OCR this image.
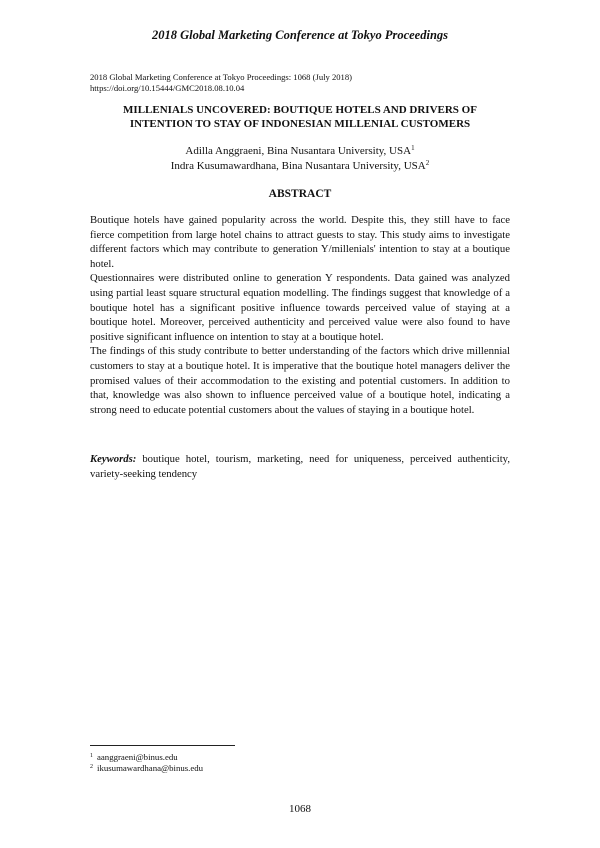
2018 Global Marketing Conference at Tokyo Proceedings
2018 Global Marketing Conference at Tokyo Proceedings: 1068 (July 2018)
https://doi.org/10.15444/GMC2018.08.10.04
MILLENIALS UNCOVERED: BOUTIQUE HOTELS AND DRIVERS OF
INTENTION TO STAY OF INDONESIAN MILLENIAL CUSTOMERS
Adilla Anggraeni, Bina Nusantara University, USA$^1$
Indra Kusumawardhana, Bina Nusantara University, USA$^2$
ABSTRACT

Boutique hotels have gained popularity across the world. Despite this, they still have to face fierce competition from large hotel chains to attract guests to stay. This study aims to investigate different factors which may contribute to generation Y/millenials' intention to stay at a boutique hotel.

Questionnaires were distributed online to generation Y respondents. Data gained was analyzed using partial least square structural equation modelling. The findings suggest that knowledge of a boutique hotel has a significant positive influence towards perceived value of staying at a boutique hotel. Moreover, perceived authenticity and perceived value were also found to have positive significant influence on intention to stay at a boutique hotel.

The findings of this study contribute to better understanding of the factors which drive millennial customers to stay at a boutique hotel. It is imperative that the boutique hotel managers deliver the promised values of their accommodation to the existing and potential customers. In addition to that, knowledge was also shown to influence perceived value of a boutique hotel, indicating a strong need to educate potential customers about the values of staying in a boutique hotel.

Keywords: boutique hotel, tourism, marketing, need for uniqueness, perceived authenticity, variety-seeking tendency
$^1$ aanggraeni@binus.edu
$^2$ ikusumawardhana@binus.edu
1068
